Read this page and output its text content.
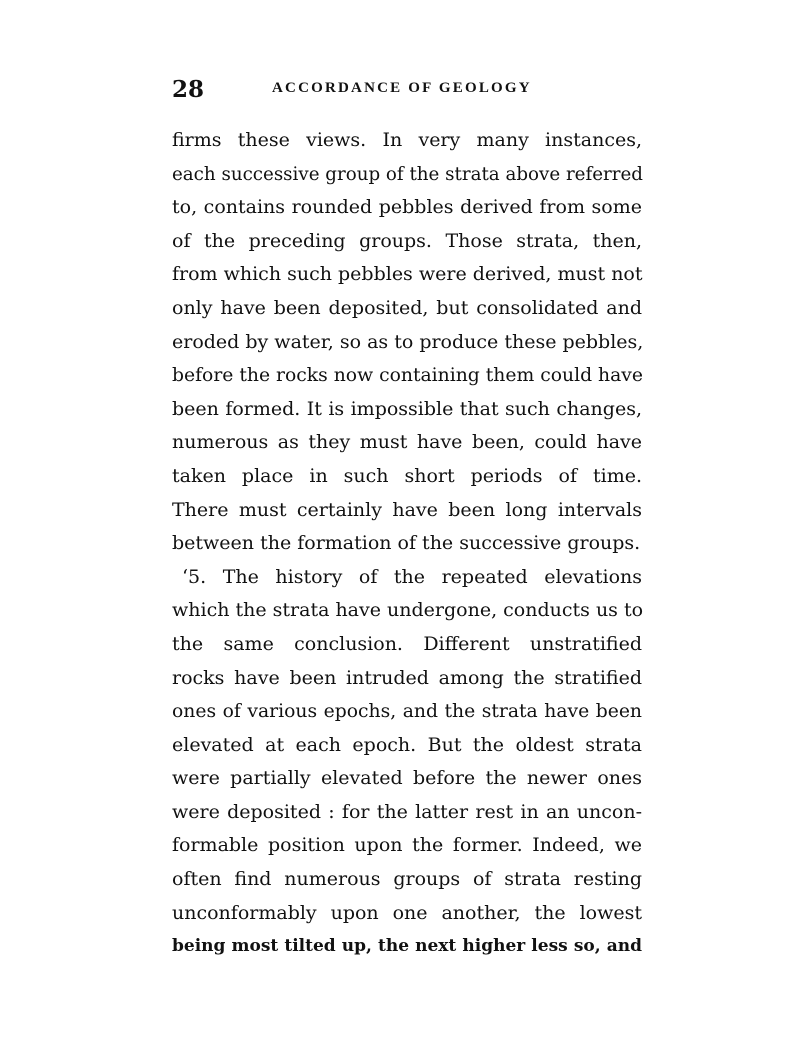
28	ACCORDANCE OF GEOLOGY
firms these views. In very many instances,
each successive group of the strata above referred
to, contains rounded pebbles derived from some
of the preceding groups. Those strata, then,
from which such pebbles were derived, must not
only have been deposited, but consolidated and
eroded by water, so as to produce these pebbles,
before the rocks now containing them could have
been formed. It is impossible that such changes,
numerous as they must have been, could have
taken place in such short periods of time.
There must certainly have been long intervals
between the formation of the successive groups.
‘5. The history of the repeated elevations
which the strata have undergone, conducts us to
the same conclusion. Different unstratified
rocks have been intruded among the stratified
ones of various epochs, and the strata have been
elevated at each epoch. But the oldest strata
were partially elevated before the newer ones
were deposited : for the latter rest in an uncon-
formable position upon the former. Indeed, we
often find numerous groups of strata resting
unconformably upon one another, the lowest
being most tilted up, the next higher less so, and
